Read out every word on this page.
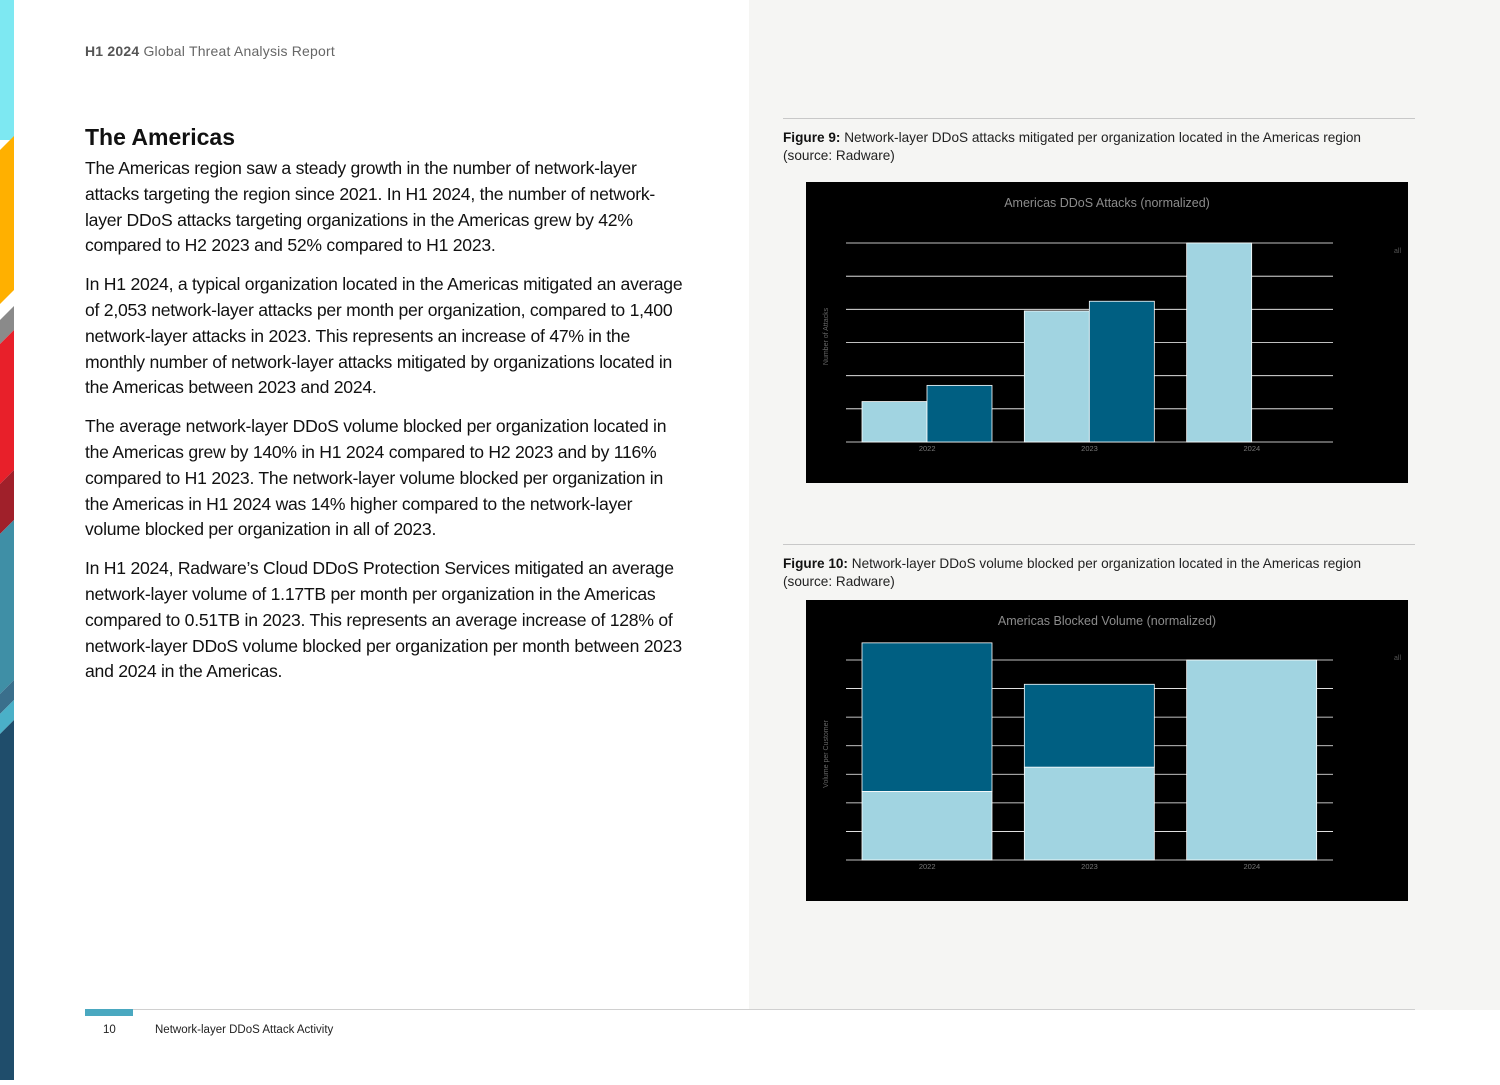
H1 2024 Global Threat Analysis Report
The Americas

The Americas region saw a steady growth in the number of network-layer attacks targeting the region since 2021. In H1 2024, the number of network-layer DDoS attacks targeting organizations in the Americas grew by 42% compared to H2 2023 and 52% compared to H1 2023.

In H1 2024, a typical organization located in the Americas mitigated an average of 2,053 network-layer attacks per month per organization, compared to 1,400 network-layer attacks in 2023. This represents an increase of 47% in the monthly number of network-layer attacks mitigated by organizations located in the Americas between 2023 and 2024.

The average network-layer DDoS volume blocked per organization located in the Americas grew by 140% in H1 2024 compared to H2 2023 and by 116% compared to H1 2023. The network-layer volume blocked per organization in the Americas in H1 2024 was 14% higher compared to the network-layer volume blocked per organization in all of 2023.

In H1 2024, Radware’s Cloud DDoS Protection Services mitigated an average network-layer volume of 1.17TB per month per organization in the Americas compared to 0.51TB in 2023. This represents an average increase of 128% of network-layer DDoS volume blocked per organization per month between 2023 and 2024 in the Americas.

Figure 9: Network-layer DDoS attacks mitigated per organization located in the Americas region (source: Radware)
Americas DDoS Attacks (normalized)
Number of Attacks
all
2022	2023	2024
Figure 10: Network-layer DDoS volume blocked per organization located in the Americas region (source: Radware)
Americas Blocked Volume (normalized)
Volume per Customer
all
2022	2023	2024
10	Network-layer DDoS Attack Activity
